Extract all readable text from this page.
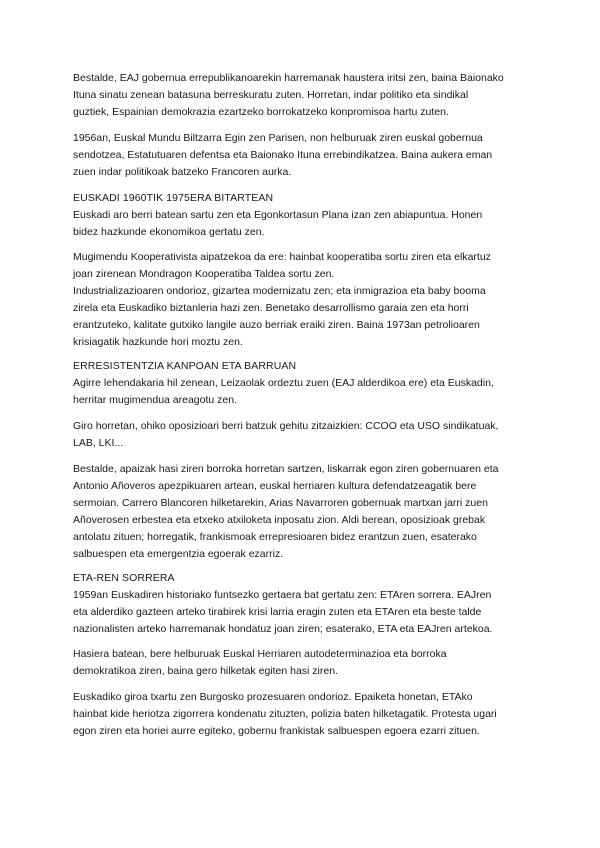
Bestalde, EAJ gobernua errepublikanoarekin harremanak haustera iritsi zen, baina Baionako

Ituna sinatu zenean batasuna berreskuratu zuten. Horretan, indar politiko eta sindikal

guztiek, Espainian demokrazia ezartzeko borrokatzeko konpromisoa hartu zuten.

1956an, Euskal Mundu Biltzarra Egin zen Parisen, non helburuak ziren euskal gobernua

sendotzea, Estatutuaren defentsa eta Baionako Ituna errebindikatzea. Baina aukera eman

zuen indar politikoak batzeko Francoren aurka.

EUSKADI 1960TIK 1975ERA BITARTEAN

Euskadi aro berri batean sartu zen eta Egonkortasun Plana izan zen abiapuntua. Honen

bidez hazkunde ekonomikoa gertatu zen.

Mugimendu Kooperativista aipatzekoa da ere: hainbat kooperatiba sortu ziren eta elkartuz

joan zirenean Mondragon Kooperatiba Taldea sortu zen.

Industrializazioaren ondorioz, gizartea modernizatu zen; eta inmigrazioa eta baby booma

zirela eta Euskadiko biztanleria hazi zen. Benetako desarrollismo garaia zen eta horri

erantzuteko, kalitate gutxiko langile auzo berriak eraiki ziren. Baina 1973an petrolioaren

krisiagatik hazkunde hori moztu zen.

ERRESISTENTZIA KANPOAN ETA BARRUAN

Agirre lehendakaria hil zenean, Leizaolak ordeztu zuen (EAJ alderdikoa ere) eta Euskadin,

herritar mugimendua areagotu zen.

Giro horretan, ohiko oposizioari berri batzuk gehitu zitzaizkien: CCOO eta USO sindikatuak,

LAB, LKI...

Bestalde, apaizak hasi ziren borroka horretan sartzen, liskarrak egon ziren gobernuaren eta

Antonio Añoveros apezpikuaren artean, euskal herriaren kultura defendatzeagatik bere

sermoian. Carrero Blancoren hilketarekin, Arias Navarroren gobernuak martxan jarri zuen

Añoverosen erbestea eta etxeko atxiloketa inposatu zion. Aldi berean, oposizioak grebak

antolatu zituen; horregatik, frankismoak errepresioaren bidez erantzun zuen, esaterako

salbuespen eta emergentzia egoerak ezarriz.

ETA-REN SORRERA

1959an Euskadiren historiako funtsezko gertaera bat gertatu zen: ETAren sorrera. EAJren

eta alderdiko gazteen arteko tirabirek krisi larria eragin zuten eta ETAren eta beste talde

nazionalisten arteko harremanak hondatuz joan ziren; esaterako, ETA eta EAJren artekoa.

Hasiera batean, bere helburuak Euskal Herriaren autodeterminazioa eta borroka

demokratikoa ziren, baina gero hilketak egiten hasi ziren.

Euskadiko giroa txartu zen Burgosko prozesuaren ondorioz. Epaiketa honetan, ETAko

hainbat kide heriotza zigorrera kondenatu zituzten, polizia baten hilketagatik. Protesta ugari

egon ziren eta horiei aurre egiteko, gobernu frankistak salbuespen egoera ezarri zituen.
